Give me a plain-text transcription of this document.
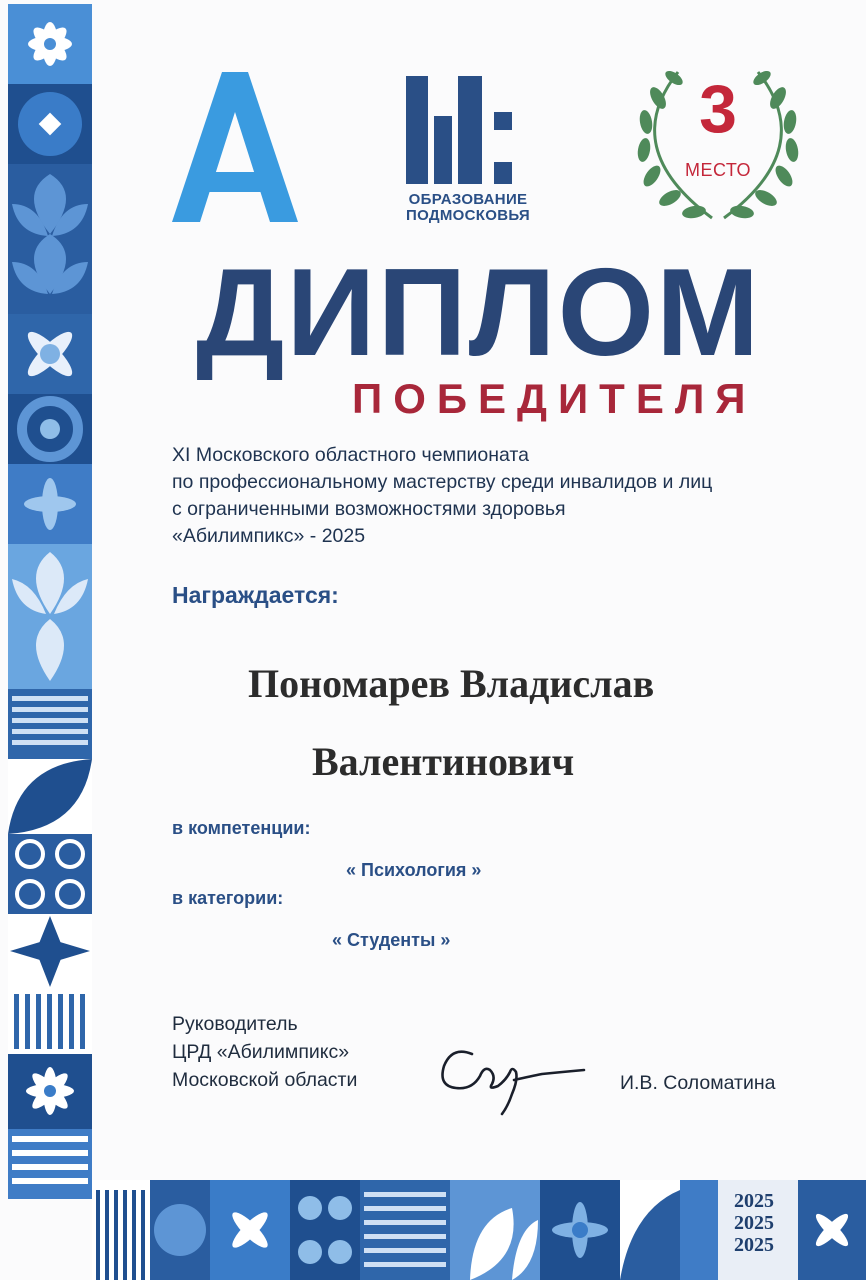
ОБРАЗОВАНИЕ
ПОДМОСКОВЬЯ
3
МЕСТО
ДИПЛОМ
ПОБЕДИТЕЛЯ
XI Московского областного чемпионата
по профессиональному мастерству среди инвалидов и лиц
с ограниченными возможностями здоровья
«Абилимпикс» - 2025
Награждается:
Пономарев Владислав
Валентинович
в компетенции:
« Психология »
в категории:
« Студенты »
Руководитель
ЦРД «Абилимпикс»
Московской области	И.В. Соломатина
2025
2025
2025
